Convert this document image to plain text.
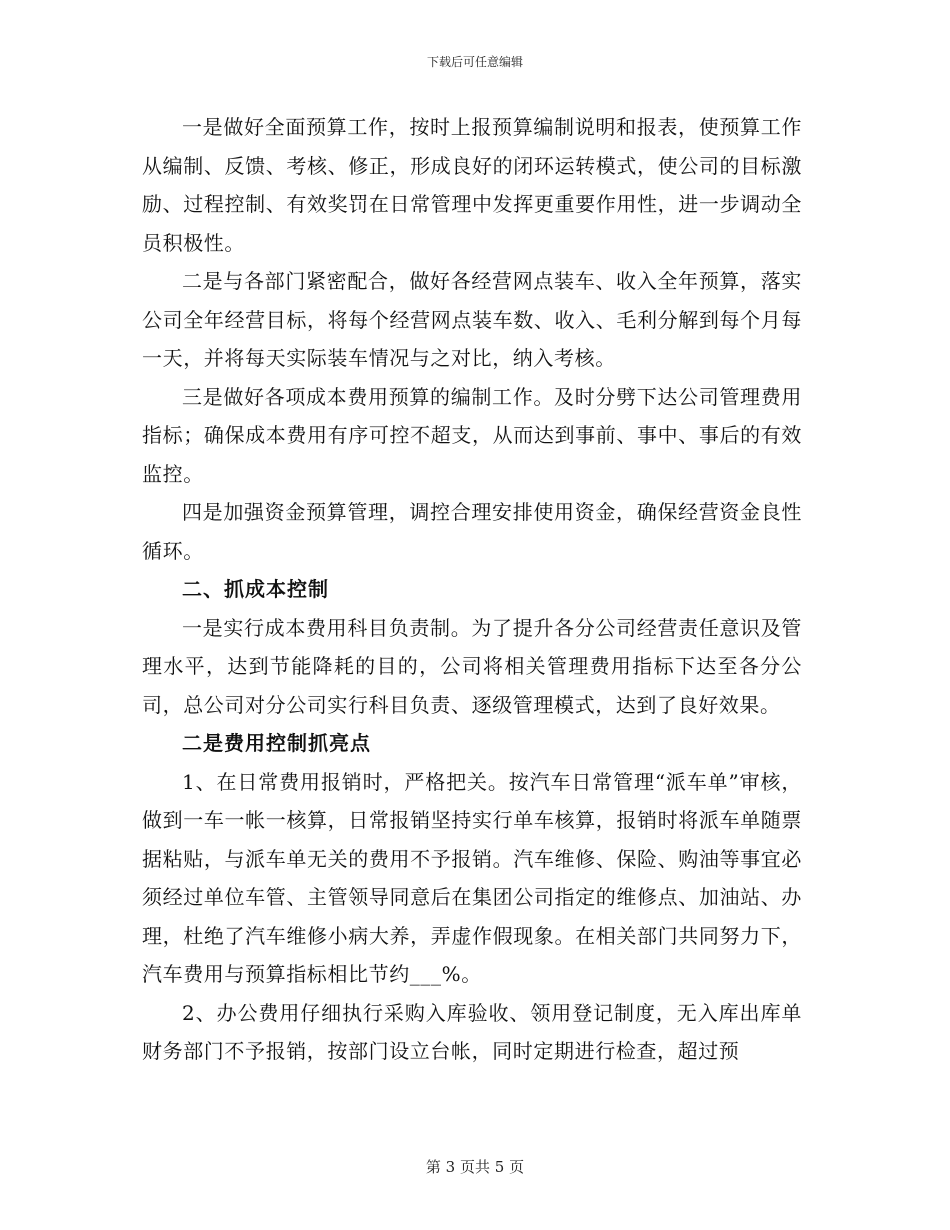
下载后可任意编辑

一是做好全面预算工作，按时上报预算编制说明和报表，使预算工作从编制、反馈、考核、修正，形成良好的闭环运转模式，使公司的目标激励、过程控制、有效奖罚在日常管理中发挥更重要作用性，进一步调动全员积极性。

二是与各部门紧密配合，做好各经营网点装车、收入全年预算，落实公司全年经营目标，将每个经营网点装车数、收入、毛利分解到每个月每一天，并将每天实际装车情况与之对比，纳入考核。

三是做好各项成本费用预算的编制工作。及时分劈下达公司管理费用指标；确保成本费用有序可控不超支，从而达到事前、事中、事后的有效监控。

四是加强资金预算管理，调控合理安排使用资金，确保经营资金良性循环。

二、抓成本控制

一是实行成本费用科目负责制。为了提升各分公司经营责任意识及管理水平，达到节能降耗的目的，公司将相关管理费用指标下达至各分公司，总公司对分公司实行科目负责、逐级管理模式，达到了良好效果。

二是费用控制抓亮点

1、在日常费用报销时，严格把关。按汽车日常管理“派车单”审核，做到一车一帐一核算，日常报销坚持实行单车核算，报销时将派车单随票据粘贴，与派车单无关的费用不予报销。汽车维修、保险、购油等事宜必须经过单位车管、主管领导同意后在集团公司指定的维修点、加油站、办理，杜绝了汽车维修小病大养，弄虚作假现象。在相关部门共同努力下，汽车费用与预算指标相比节约___%。

2、办公费用仔细执行采购入库验收、领用登记制度，无入库出库单财务部门不予报销，按部门设立台帐，同时定期进行检查，超过预

第 3 页共 5 页
